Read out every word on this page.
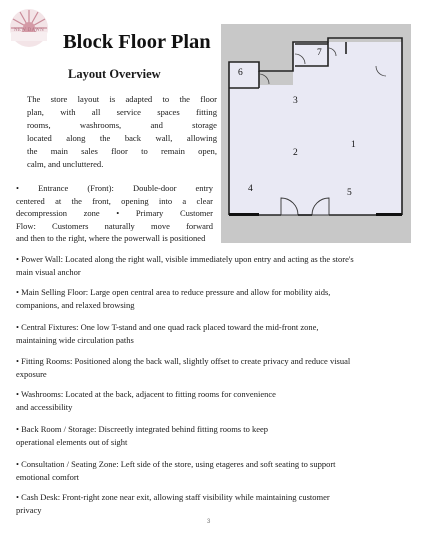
NEW DAWN
Block Floor Plan
Layout Overview

The store layout is adapted to the floor
plan, with all service spaces fitting
rooms, washrooms, and storage
located along the back wall, allowing
the main sales floor to remain open,
calm, and uncluttered.

3
2
1
4	5
6
7
• Entrance (Front): Double-door entry
centered at the front, opening into a clear
decompression zone • Primary Customer
Flow: Customers naturally move forward
and then to the right, where the powerwall is positioned

• Power Wall: Located along the right wall, visible immediately upon entry and acting as the store's
main visual anchor

• Main Selling Floor: Large open central area to reduce pressure and allow for mobility aids,
companions, and relaxed browsing

• Central Fixtures: One low T-stand and one quad rack placed toward the mid-front zone,
maintaining wide circulation paths

• Fitting Rooms: Positioned along the back wall, slightly offset to create privacy and reduce visual
exposure

• Washrooms: Located at the back, adjacent to fitting rooms for convenience
and accessibility

• Back Room / Storage: Discreetly integrated behind fitting rooms to keep
operational elements out of sight

• Consultation / Seating Zone: Left side of the store, using etageres and soft seating to support
emotional comfort

• Cash Desk: Front-right zone near exit, allowing staff visibility while maintaining customer
privacy

3
